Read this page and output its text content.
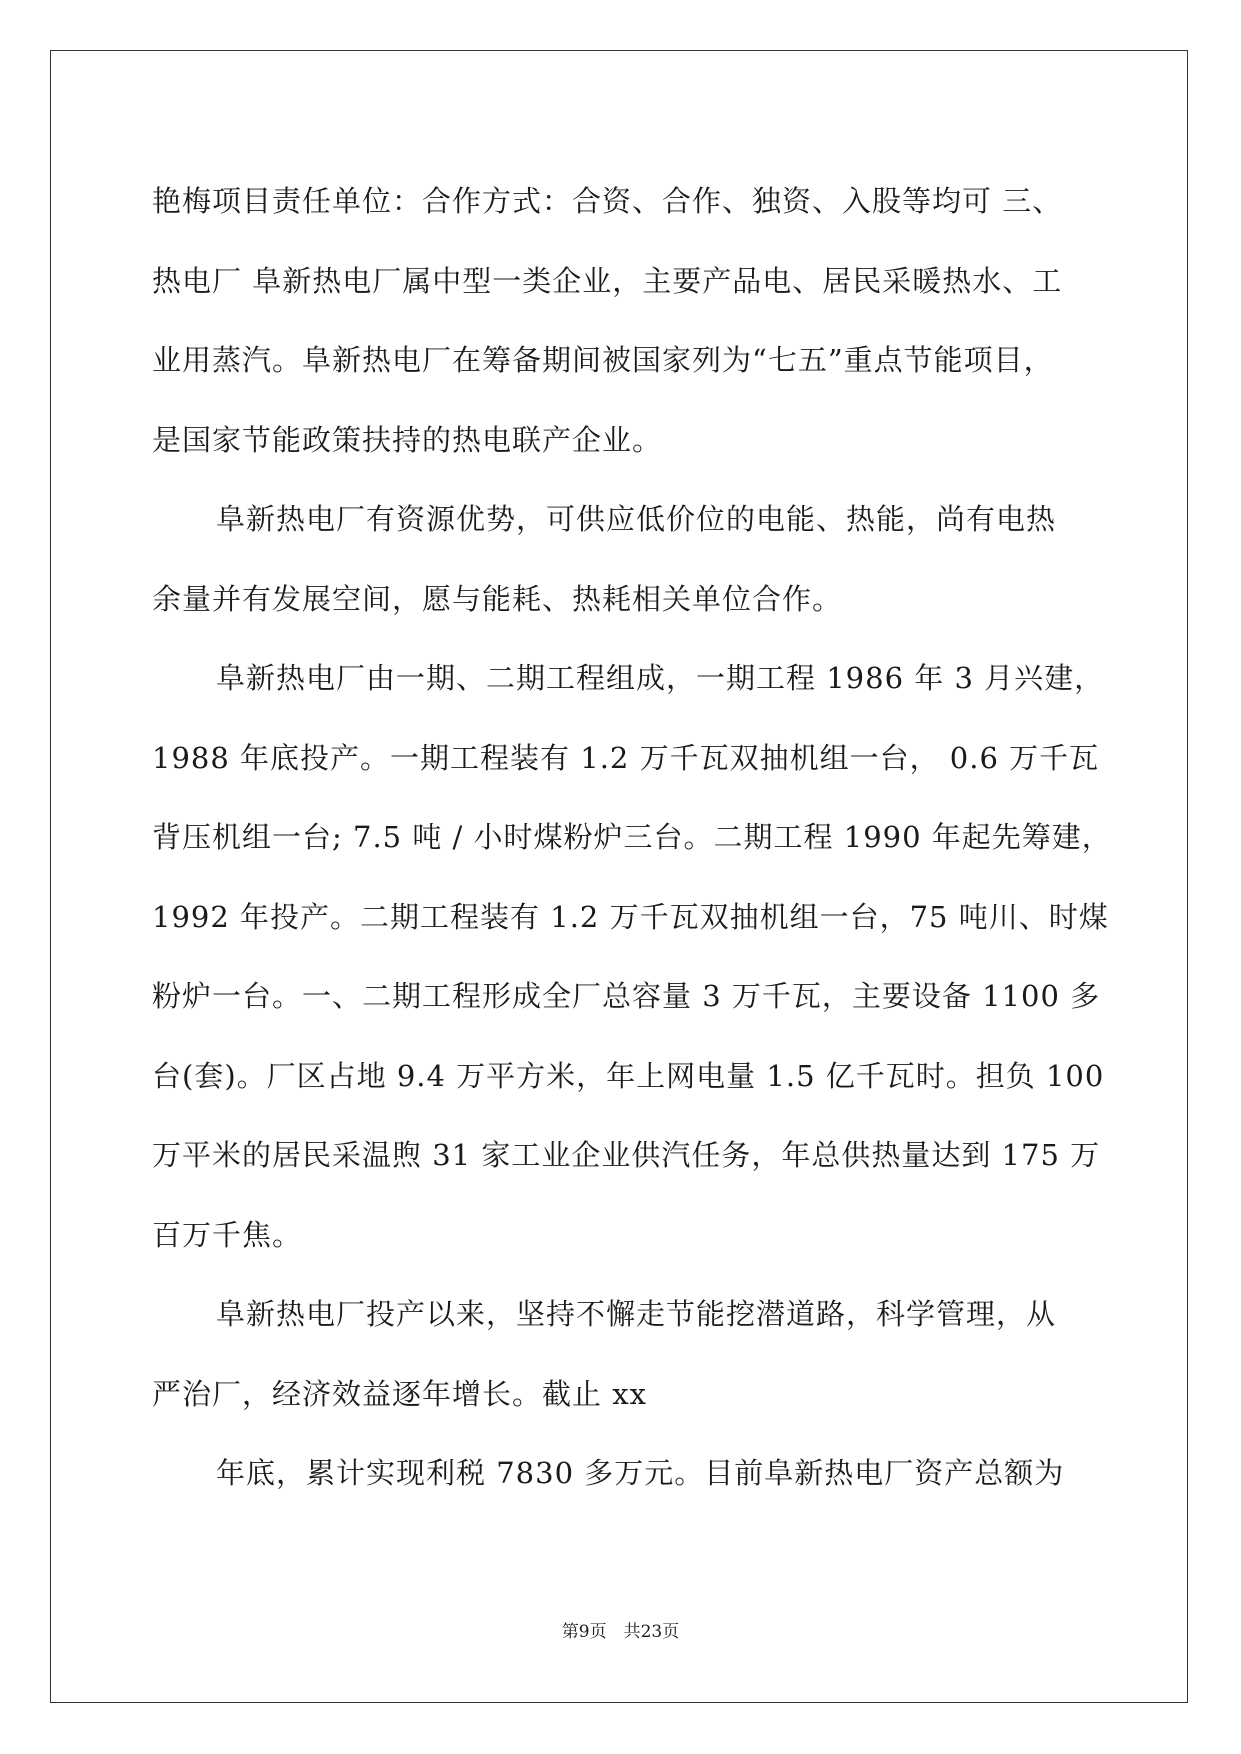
艳梅项目责任单位：合作方式：合资、合作、独资、入股等均可 三、
热电厂 阜新热电厂属中型一类企业，主要产品电、居民采暖热水、工
业用蒸汽。阜新热电厂在筹备期间被国家列为“七五”重点节能项目，
是国家节能政策扶持的热电联产企业。
阜新热电厂有资源优势，可供应低价位的电能、热能，尚有电热
余量并有发展空间，愿与能耗、热耗相关单位合作。
阜新热电厂由一期、二期工程组成，一期工程 1986 年 3 月兴建，
1988 年底投产。一期工程装有 1.2 万千瓦双抽机组一台， 0.6 万千瓦
背压机组一台; 7.5 吨 / 小时煤粉炉三台。二期工程 1990 年起先筹建，
1992 年投产。二期工程装有 1.2 万千瓦双抽机组一台，75 吨川、时煤
粉炉一台。一、二期工程形成全厂总容量 3 万千瓦，主要设备 1100 多
台(套)。厂区占地 9.4 万平方米，年上网电量 1.5 亿千瓦时。担负 100
万平米的居民采温煦 31 家工业企业供汽任务，年总供热量达到 175 万
百万千焦。
阜新热电厂投产以来，坚持不懈走节能挖潜道路，科学管理，从
严治厂，经济效益逐年增长。截止 xx
年底，累计实现利税 7830 多万元。目前阜新热电厂资产总额为
第9页　共23页
